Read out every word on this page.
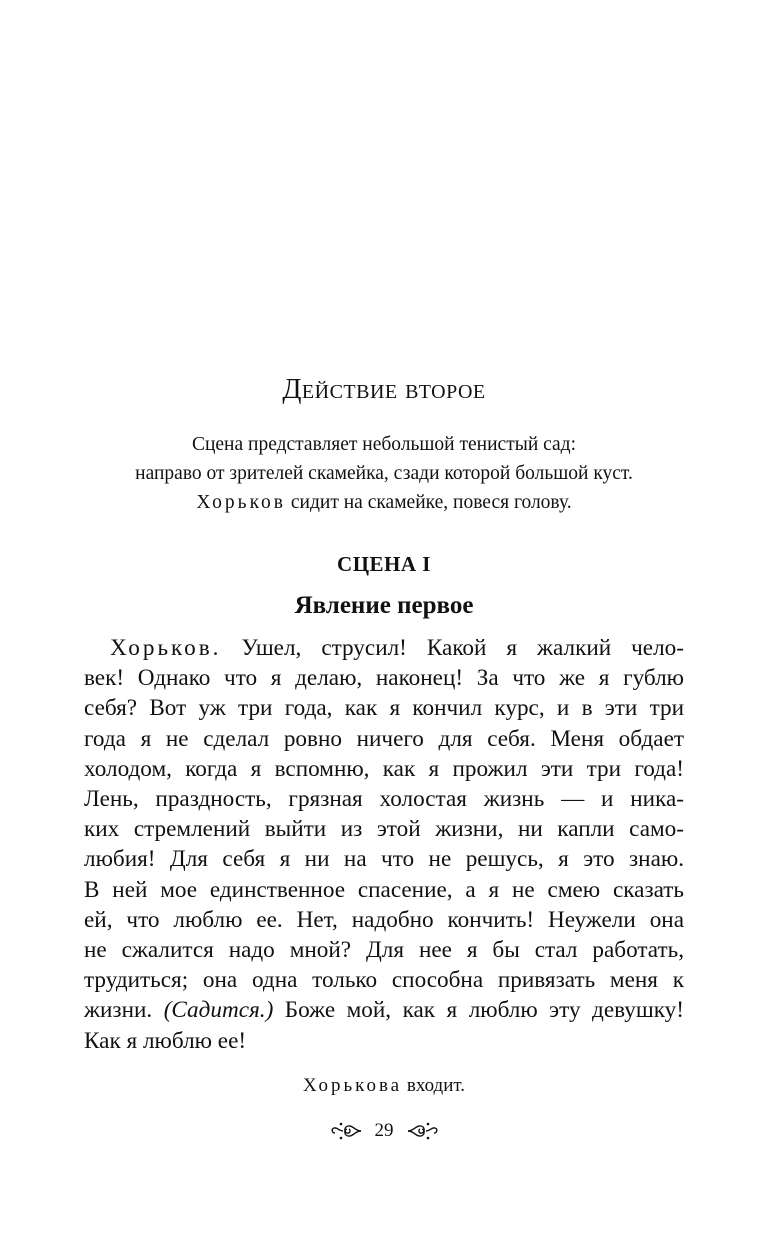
Действие второе
Сцена представляет небольшой тенистый сад:
направо от зрителей скамейка, сзади которой большой куст.
Хорьков сидит на скамейке, повеся голову.
СЦЕНА I
Явление первое
Хорьков. Ушел, струсил! Какой я жалкий чело-
век! Однако что я делаю, наконец! За что же я гублю
себя? Вот уж три года, как я кончил курс, и в эти три
года я не сделал ровно ничего для себя. Меня обдает
холодом, когда я вспомню, как я прожил эти три года!
Лень, праздность, грязная холостая жизнь — и ника-
ких стремлений выйти из этой жизни, ни капли само-
любия! Для себя я ни на что не решусь, я это знаю.
В ней мое единственное спасение, а я не смею сказать
ей, что люблю ее. Нет, надобно кончить! Неужели она
не сжалится надо мной? Для нее я бы стал работать,
трудиться; она одна только способна привязать меня к
жизни. (Садится.) Боже мой, как я люблю эту девушку!
Как я люблю ее!
Хорькова входит.
29
